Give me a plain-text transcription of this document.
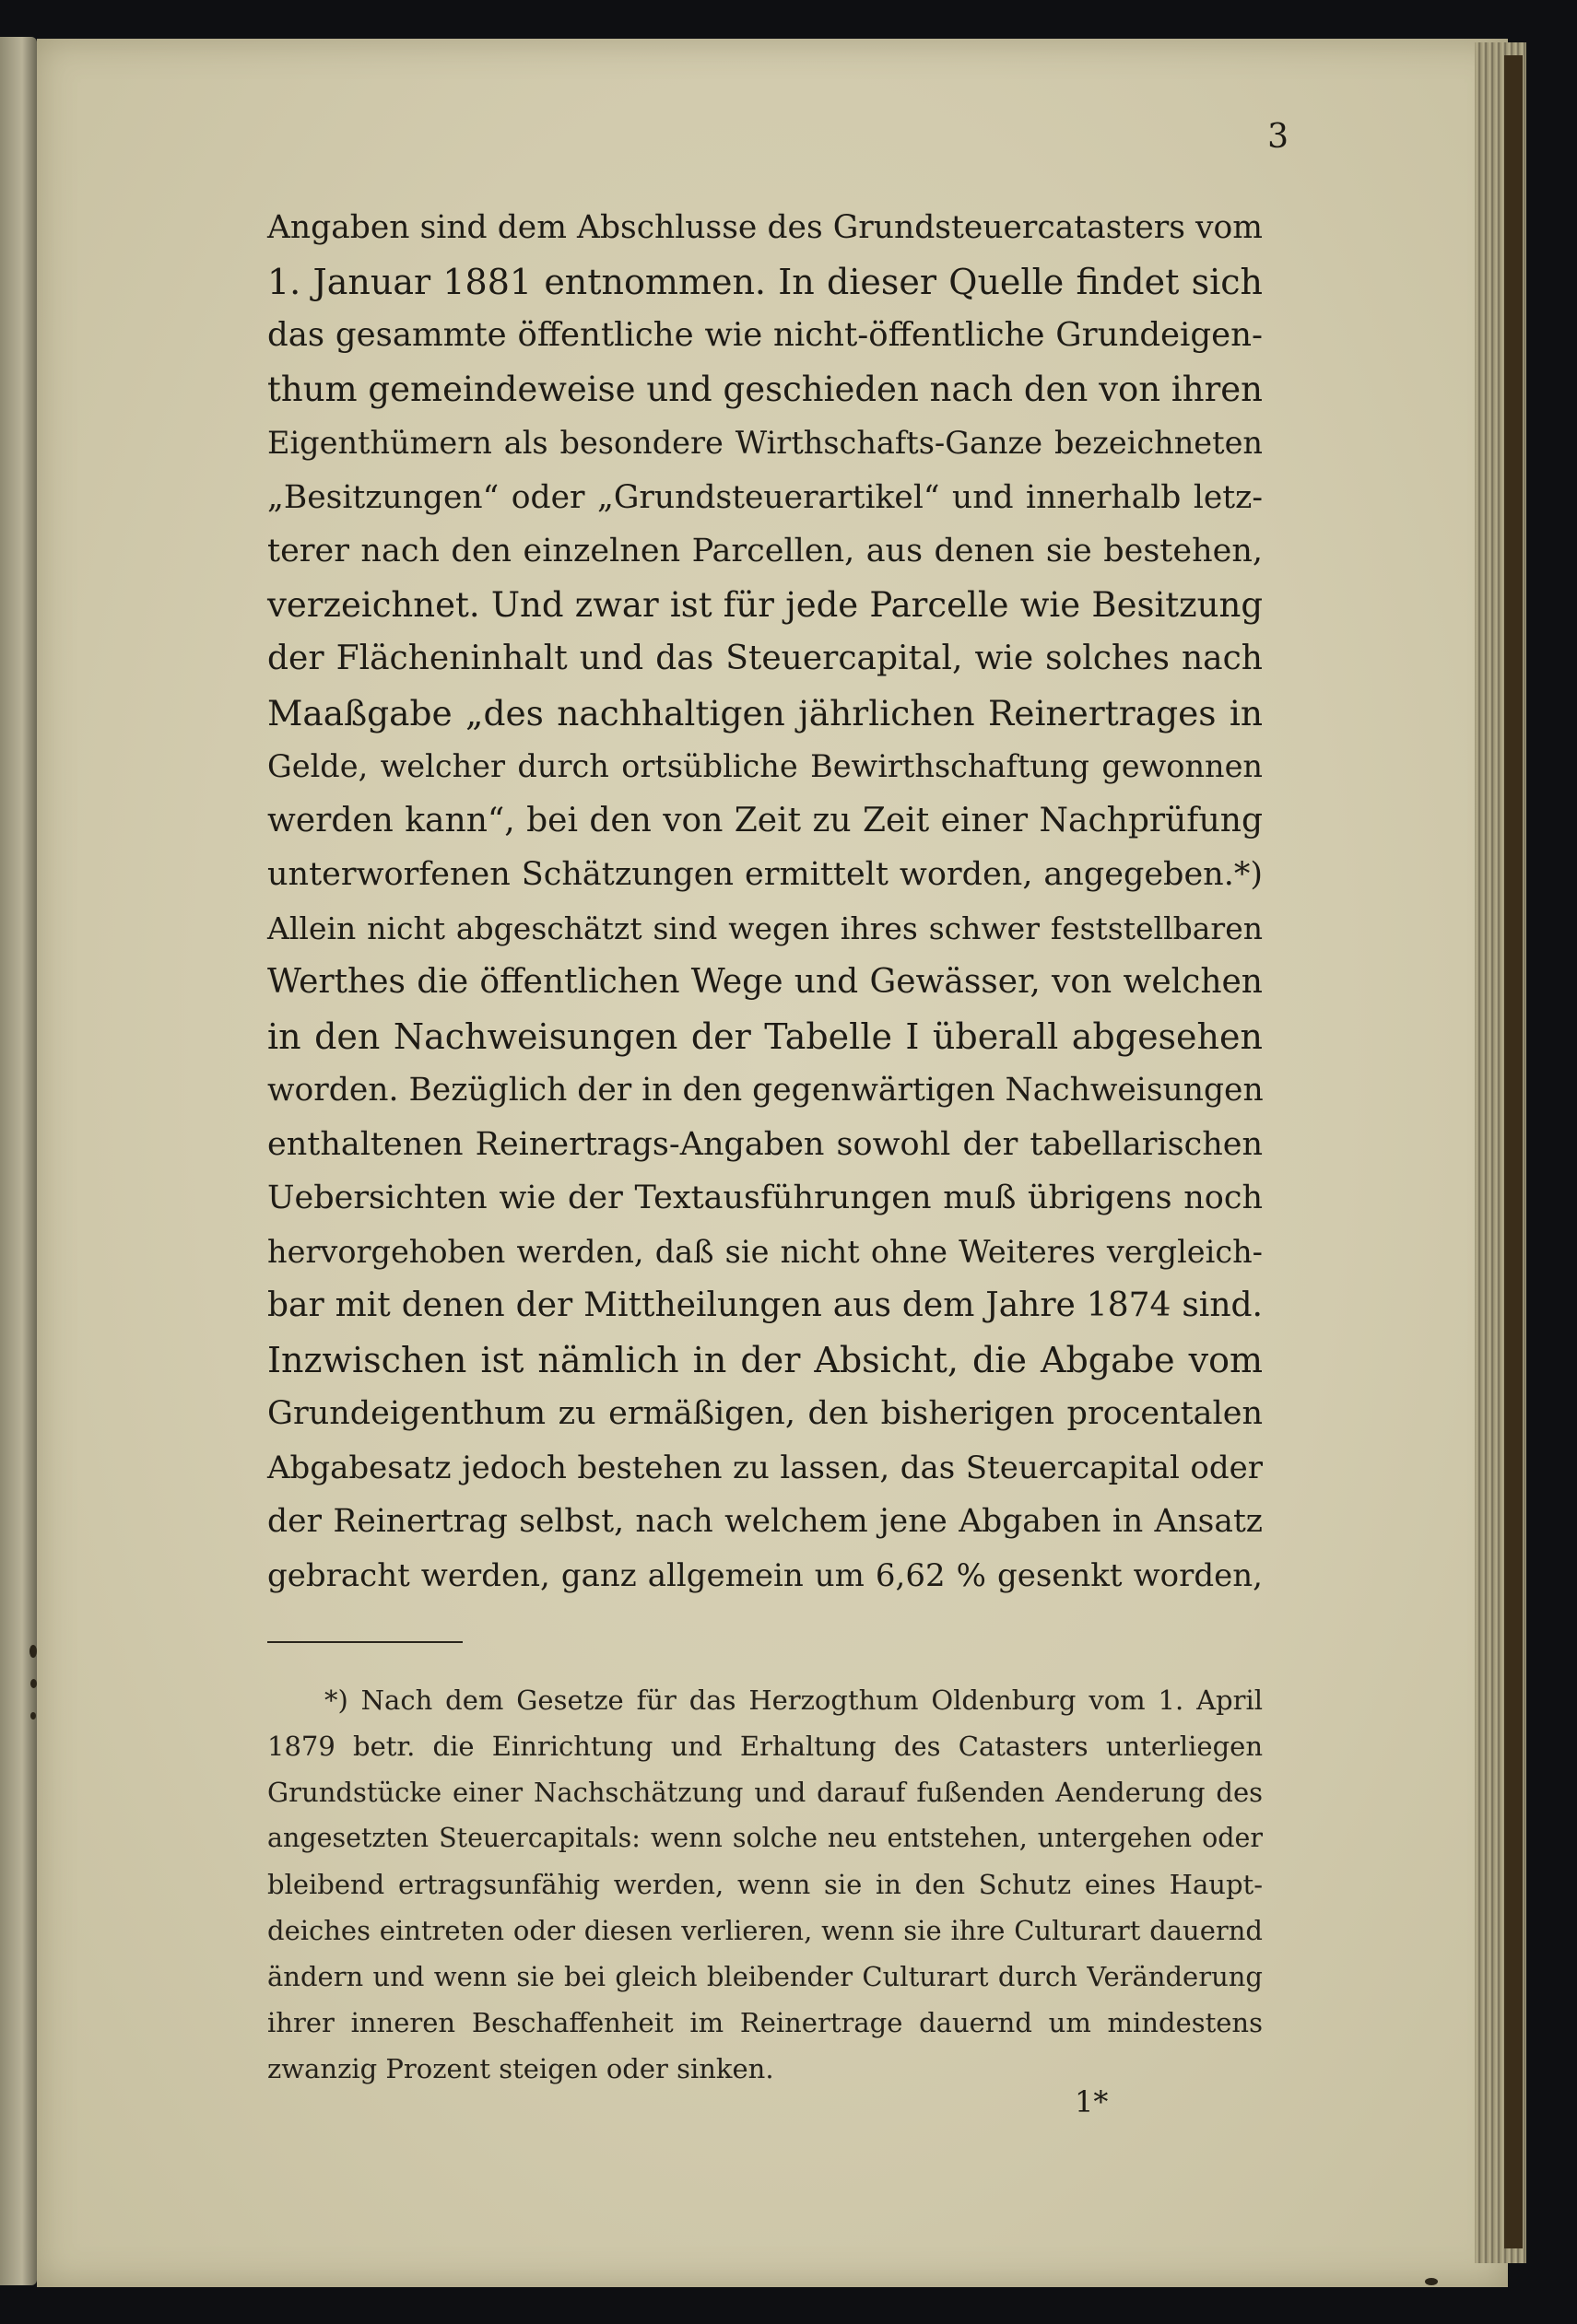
3
Angaben sind dem Abschlusse des Grundsteuercatasters vom
1. Januar 1881 entnommen. In dieser Quelle findet sich
das gesammte öffentliche wie nicht-öffentliche Grundeigen-
thum gemeindeweise und geschieden nach den von ihren
Eigenthümern als besondere Wirthschafts-Ganze bezeichneten
„Besitzungen“ oder „Grundsteuerartikel“ und innerhalb letz-
terer nach den einzelnen Parcellen, aus denen sie bestehen,
verzeichnet. Und zwar ist für jede Parcelle wie Besitzung
der Flächeninhalt und das Steuercapital, wie solches nach
Maaßgabe „des nachhaltigen jährlichen Reinertrages in
Gelde, welcher durch ortsübliche Bewirthschaftung gewonnen
werden kann“, bei den von Zeit zu Zeit einer Nachprüfung
unterworfenen Schätzungen ermittelt worden, angegeben.*)
Allein nicht abgeschätzt sind wegen ihres schwer feststellbaren
Werthes die öffentlichen Wege und Gewässer, von welchen
in den Nachweisungen der Tabelle I überall abgesehen
worden. Bezüglich der in den gegenwärtigen Nachweisungen
enthaltenen Reinertrags-Angaben sowohl der tabellarischen
Uebersichten wie der Textausführungen muß übrigens noch
hervorgehoben werden, daß sie nicht ohne Weiteres vergleich-
bar mit denen der Mittheilungen aus dem Jahre 1874 sind.
Inzwischen ist nämlich in der Absicht, die Abgabe vom
Grundeigenthum zu ermäßigen, den bisherigen procentalen
Abgabesatz jedoch bestehen zu lassen, das Steuercapital oder
der Reinertrag selbst, nach welchem jene Abgaben in Ansatz
gebracht werden, ganz allgemein um 6,62 % gesenkt worden,
*) Nach dem Gesetze für das Herzogthum Oldenburg vom 1. April
1879 betr. die Einrichtung und Erhaltung des Catasters unterliegen
Grundstücke einer Nachschätzung und darauf fußenden Aenderung des
angesetzten Steuercapitals: wenn solche neu entstehen, untergehen oder
bleibend ertragsunfähig werden, wenn sie in den Schutz eines Haupt-
deiches eintreten oder diesen verlieren, wenn sie ihre Culturart dauernd
ändern und wenn sie bei gleich bleibender Culturart durch Veränderung
ihrer inneren Beschaffenheit im Reinertrage dauernd um mindestens
zwanzig Prozent steigen oder sinken.
1*
